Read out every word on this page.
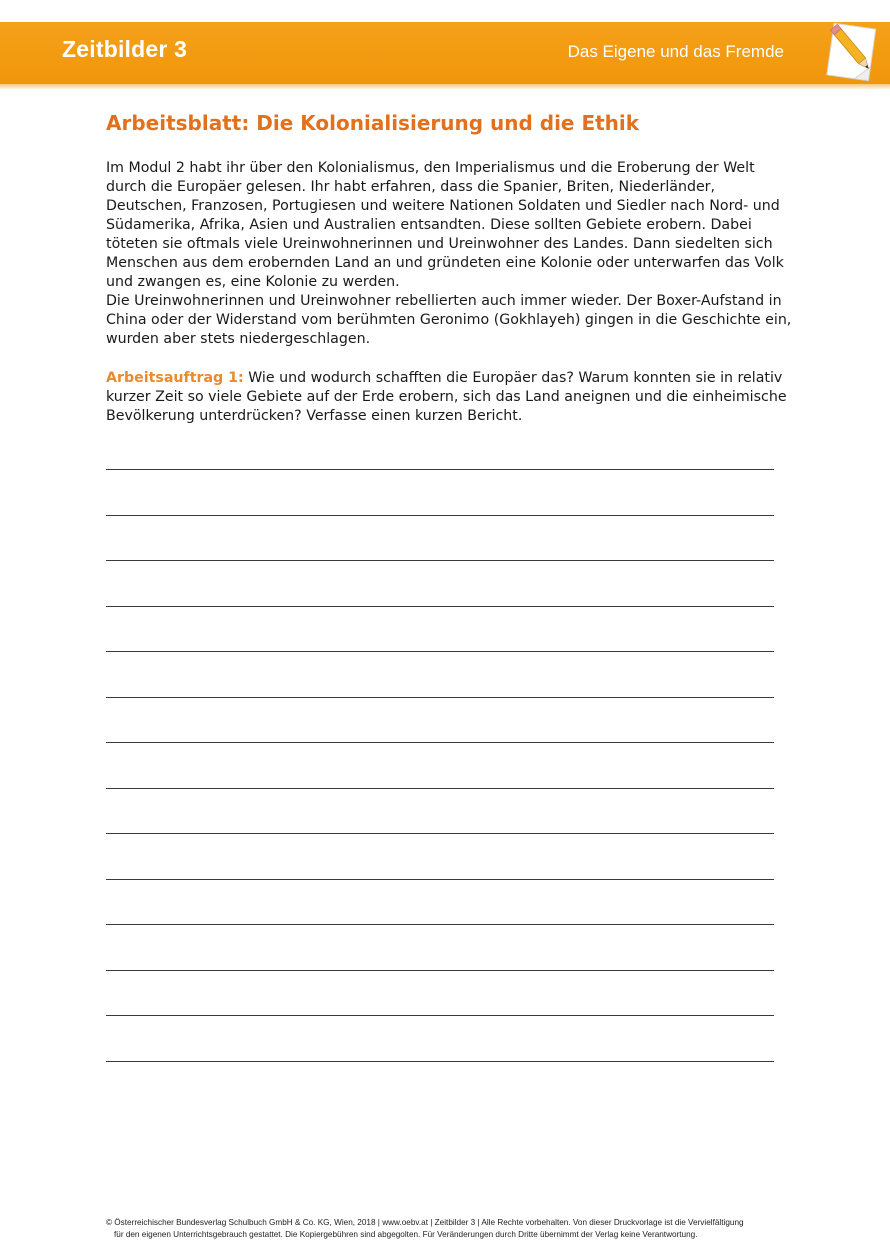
Zeitbilder 3	Das Eigene und das Fremde
Arbeitsblatt: Die Kolonialisierung und die Ethik

Im Modul 2 habt ihr über den Kolonialismus, den Imperialismus und die Eroberung der Welt durch die Europäer gelesen. Ihr habt erfahren, dass die Spanier, Briten, Niederländer, Deutschen, Franzosen, Portugiesen und weitere Nationen Soldaten und Siedler nach Nord- und Südamerika, Afrika, Asien und Australien entsandten. Diese sollten Gebiete erobern. Dabei töteten sie oftmals viele Ureinwohnerinnen und Ureinwohner des Landes. Dann siedelten sich Menschen aus dem erobernden Land an und gründeten eine Kolonie oder unterwarfen das Volk und zwangen es, eine Kolonie zu werden.

Die Ureinwohnerinnen und Ureinwohner rebellierten auch immer wieder. Der Boxer-Aufstand in China oder der Widerstand vom berühmten Geronimo (Gokhlayeh) gingen in die Geschichte ein, wurden aber stets niedergeschlagen.

Arbeitsauftrag 1: Wie und wodurch schafften die Europäer das? Warum konnten sie in relativ kurzer Zeit so viele Gebiete auf der Erde erobern, sich das Land aneignen und die einheimische Bevölkerung unterdrücken? Verfasse einen kurzen Bericht.

© Österreichischer Bundesverlag Schulbuch GmbH & Co. KG, Wien, 2018 | www.oebv.at | Zeitbilder 3 | Alle Rechte vorbehalten. Von dieser Druckvorlage ist die Vervielfältigung
für den eigenen Unterrichtsgebrauch gestattet. Die Kopiergebühren sind abgegolten. Für Veränderungen durch Dritte übernimmt der Verlag keine Verantwortung.
